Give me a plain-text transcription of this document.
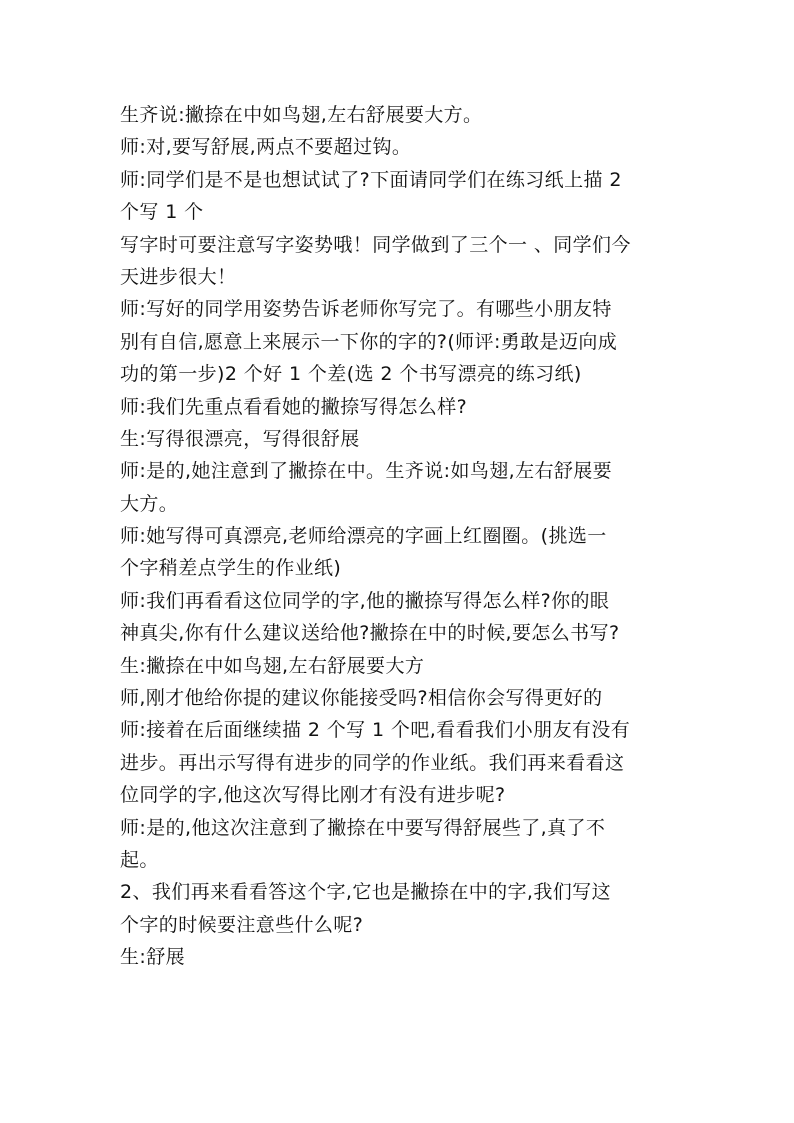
生齐说:撇捺在中如鸟翅,左右舒展要大方。
师:对,要写舒展,两点不要超过钩。
师:同学们是不是也想试试了?下面请同学们在练习纸上描 2
个写 1 个
写字时可要注意写字姿势哦！同学做到了三个一 、同学们今
天进步很大！
师:写好的同学用姿势告诉老师你写完了。有哪些小朋友特
别有自信,愿意上来展示一下你的字的?(师评:勇敢是迈向成
功的第一步)2 个好 1 个差(选 2 个书写漂亮的练习纸)
师:我们先重点看看她的撇捺写得怎么样?
生:写得很漂亮，写得很舒展
师:是的,她注意到了撇捺在中。生齐说:如鸟翅,左右舒展要
大方。
师:她写得可真漂亮,老师给漂亮的字画上红圈圈。(挑选一
个字稍差点学生的作业纸)
师:我们再看看这位同学的字,他的撇捺写得怎么样?你的眼
神真尖,你有什么建议送给他?撇捺在中的时候,要怎么书写?
生:撇捺在中如鸟翅,左右舒展要大方
师,刚才他给你提的建议你能接受吗?相信你会写得更好的
师:接着在后面继续描 2 个写 1 个吧,看看我们小朋友有没有
进步。再出示写得有进步的同学的作业纸。我们再来看看这
位同学的字,他这次写得比刚才有没有进步呢?
师:是的,他这次注意到了撇捺在中要写得舒展些了,真了不
起。
2、我们再来看看答这个字,它也是撇捺在中的字,我们写这
个字的时候要注意些什么呢?
生:舒展
